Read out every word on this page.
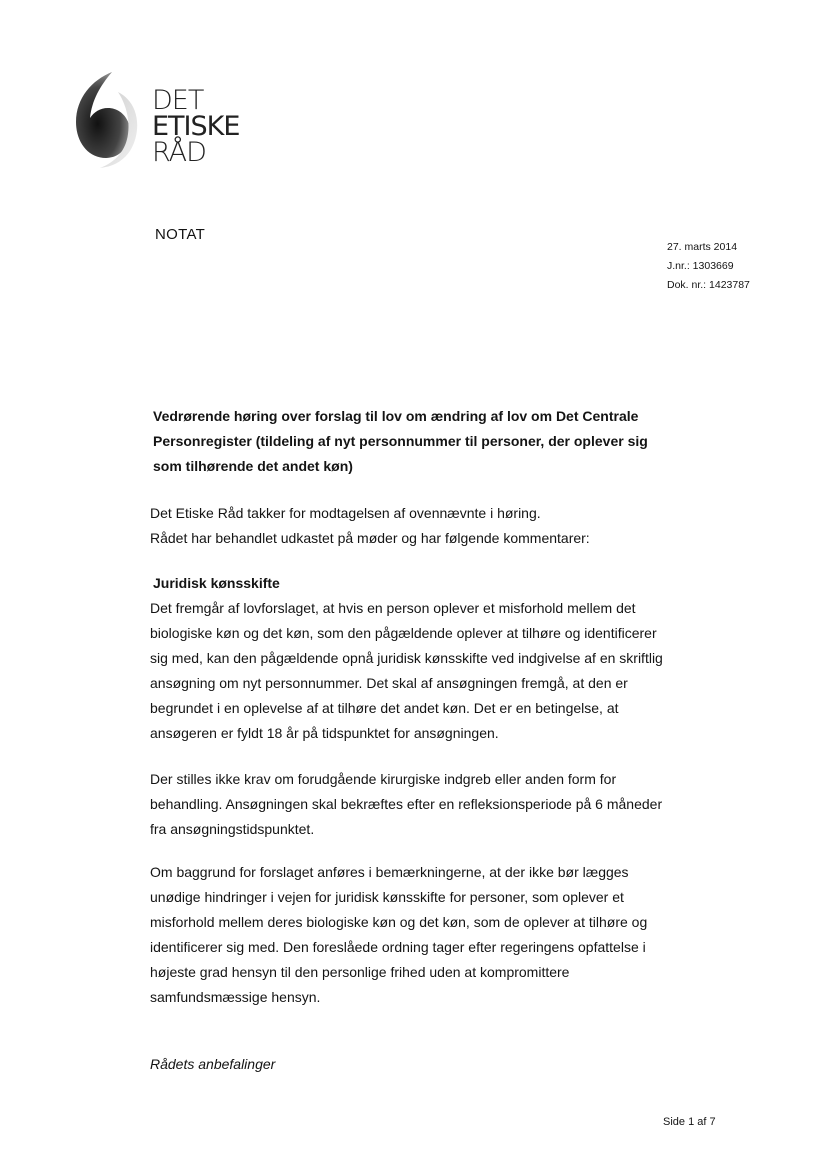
DET
ETISKE
RÅD
NOTAT
27. marts 2014
J.nr.: 1303669
Dok. nr.: 1423787
Vedrørende høring over forslag til lov om ændring af lov om Det Centrale Personregister (tildeling af nyt personnummer til personer, der oplever sig som tilhørende det andet køn)
Det Etiske Råd takker for modtagelsen af ovennævnte i høring.
Rådet har behandlet udkastet på møder og har følgende kommentarer:
Juridisk kønsskifte
Det fremgår af lovforslaget, at hvis en person oplever et misforhold mellem det biologiske køn og det køn, som den pågældende oplever at tilhøre og identificerer sig med, kan den pågældende opnå juridisk kønsskifte ved indgivelse af en skriftlig ansøgning om nyt personnummer. Det skal af ansøgningen fremgå, at den er begrundet i en oplevelse af at tilhøre det andet køn. Det er en betingelse, at ansøgeren er fyldt 18 år på tidspunktet for ansøgningen.
Der stilles ikke krav om forudgående kirurgiske indgreb eller anden form for behandling. Ansøgningen skal bekræftes efter en refleksionsperiode på 6 måneder fra ansøgningstidspunktet.
Om baggrund for forslaget anføres i bemærkningerne, at der ikke bør lægges unødige hindringer i vejen for juridisk kønsskifte for personer, som oplever et misforhold mellem deres biologiske køn og det køn, som de oplever at tilhøre og identificerer sig med. Den foreslåede ordning tager efter regeringens opfattelse i højeste grad hensyn til den personlige frihed uden at kompromittere samfundsmæssige hensyn.
Rådets anbefalinger
Side 1 af 7
